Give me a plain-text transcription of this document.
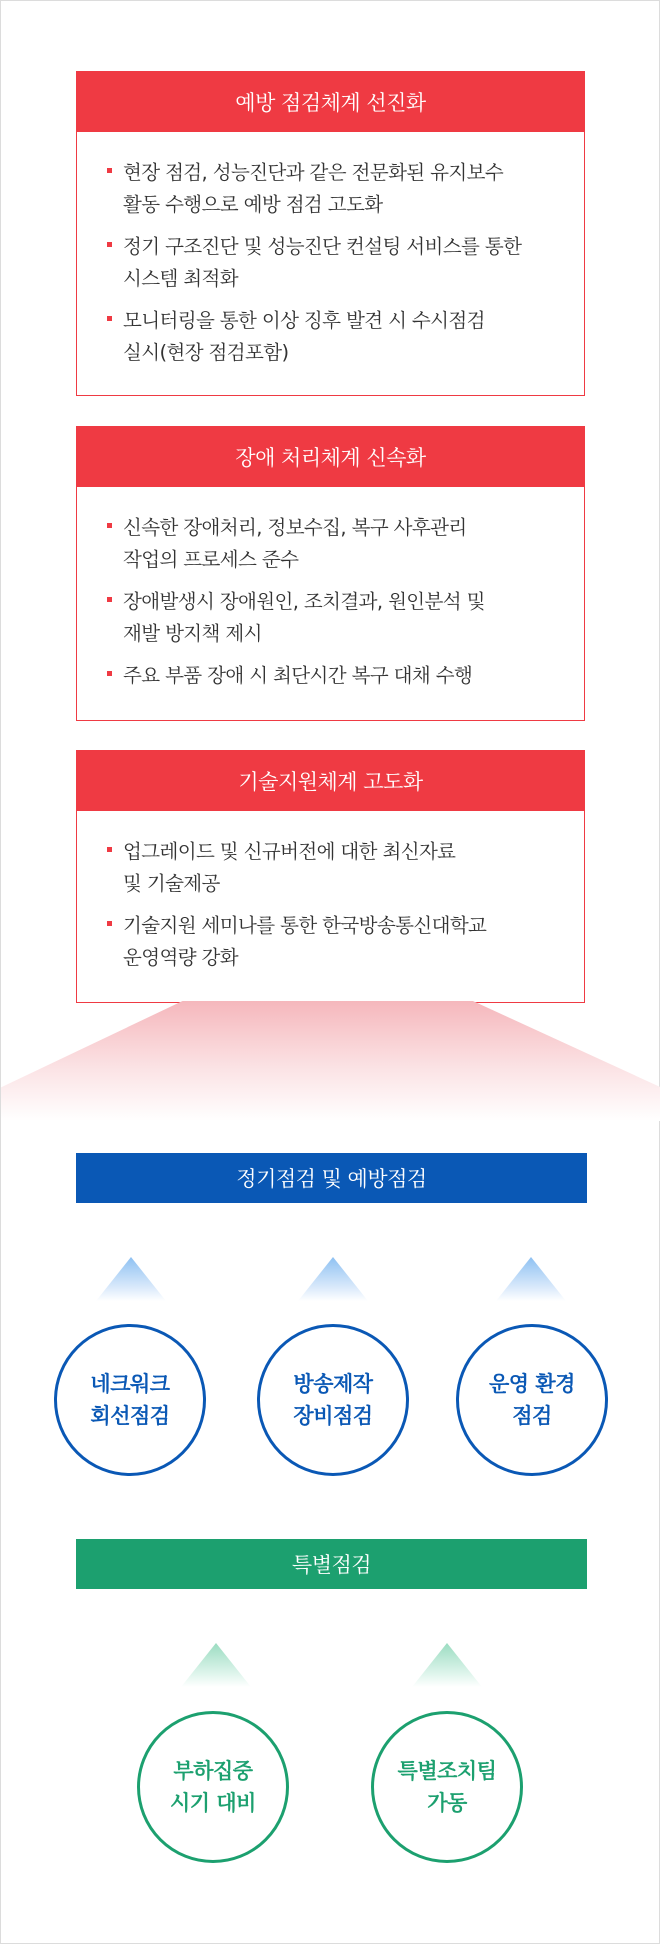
예방 점검체계 선진화
현장 점검, 성능진단과 같은 전문화된 유지보수
활동 수행으로 예방 점검 고도화
정기 구조진단 및 성능진단 컨설팅 서비스를 통한
시스템 최적화
모니터링을 통한 이상 징후 발견 시 수시점검
실시(현장 점검포함)
장애 처리체계 신속화
신속한 장애처리, 정보수집, 복구 사후관리
작업의 프로세스 준수
장애발생시 장애원인, 조치결과, 원인분석 및
재발 방지책 제시
주요 부품 장애 시 최단시간 복구 대채 수행
기술지원체계 고도화
업그레이드 및 신규버전에 대한 최신자료
및 기술제공
기술지원 세미나를 통한 한국방송통신대학교
운영역량 강화
정기점검 및 예방점검
네크워크
회선점검
방송제작
장비점검
운영 환경
점검
특별점검
부하집중
시기 대비
특별조치팀
가동
